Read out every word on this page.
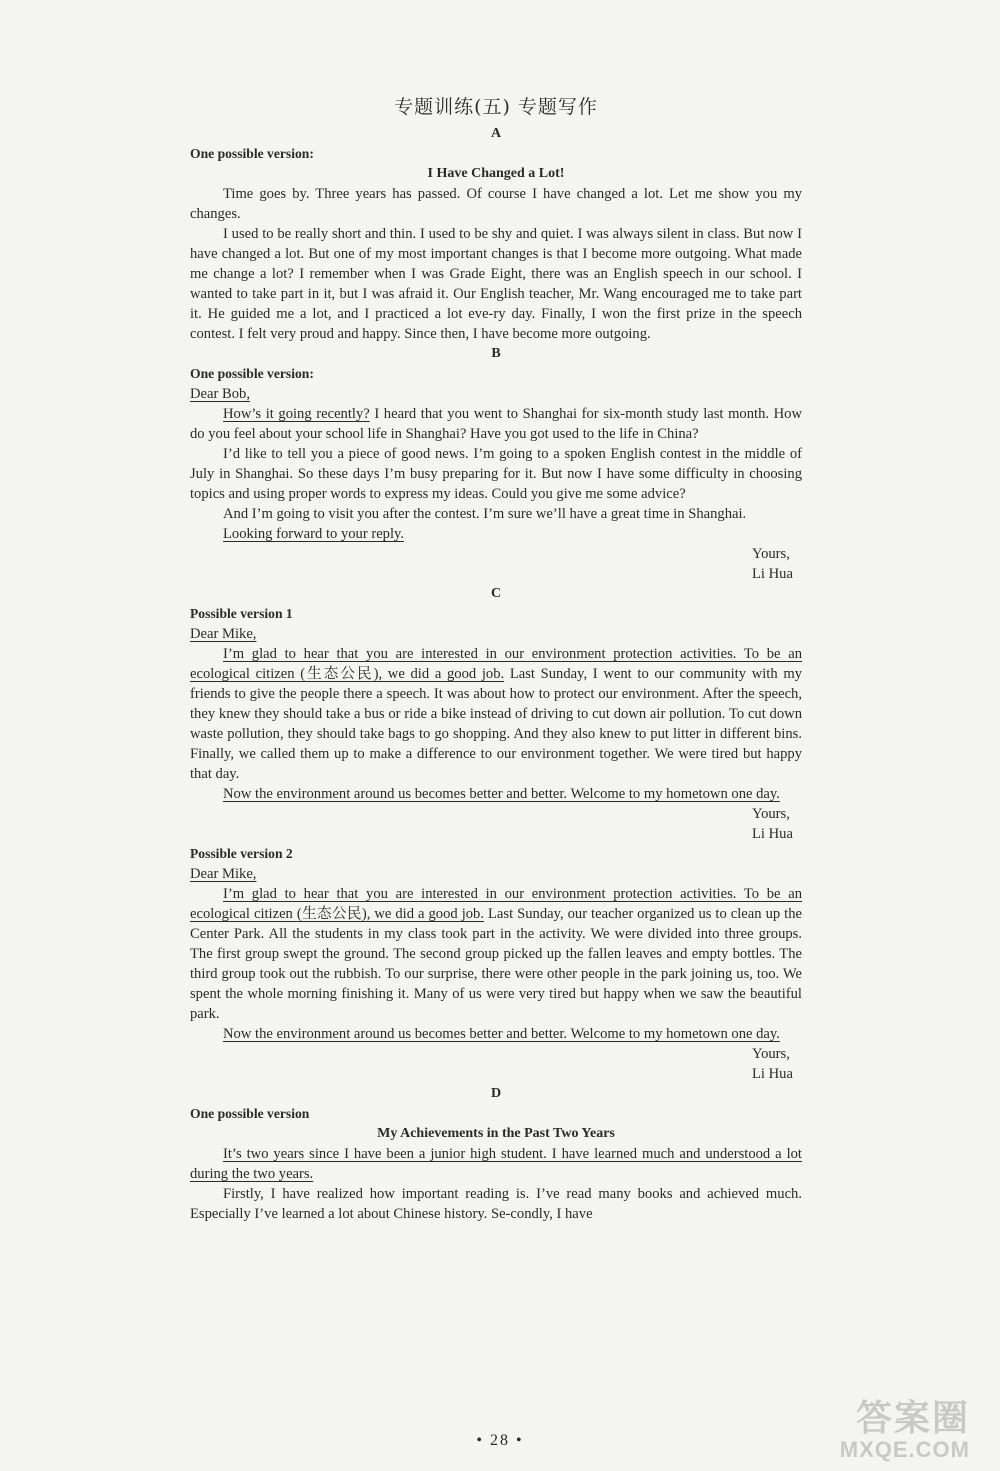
专题训练(五) 专题写作
A
One possible version:
I Have Changed a Lot!

Time goes by. Three years has passed. Of course I have changed a lot. Let me show you my changes.

I used to be really short and thin. I used to be shy and quiet. I was always silent in class. But now I have changed a lot. But one of my most important changes is that I become more outgoing. What made me change a lot? I remember when I was Grade Eight, there was an English speech in our school. I wanted to take part in it, but I was afraid it. Our English teacher, Mr. Wang encouraged me to take part it. He guided me a lot, and I practiced a lot eve-ry day. Finally, I won the first prize in the speech contest. I felt very proud and happy. Since then, I have become more outgoing.

B
One possible version:
Dear Bob,

How’s it going recently? I heard that you went to Shanghai for six-month study last month. How do you feel about your school life in Shanghai? Have you got used to the life in China?

I’d like to tell you a piece of good news. I’m going to a spoken English contest in the middle of July in Shanghai. So these days I’m busy preparing for it. But now I have some difficulty in choosing topics and using proper words to express my ideas. Could you give me some advice?

And I’m going to visit you after the contest. I’m sure we’ll have a great time in Shanghai.

Looking forward to your reply.

Yours,
Li Hua
C
Possible version 1
Dear Mike,

I’m glad to hear that you are interested in our environment protection activities. To be an ecological citizen (生态公民), we did a good job. Last Sunday, I went to our community with my friends to give the people there a speech. It was about how to protect our environment. After the speech, they knew they should take a bus or ride a bike instead of driving to cut down air pollution. To cut down waste pollution, they should take bags to go shopping. And they also knew to put litter in different bins. Finally, we called them up to make a difference to our environment together. We were tired but happy that day.

Now the environment around us becomes better and better. Welcome to my hometown one day.

Yours,
Li Hua
Possible version 2
Dear Mike,

I’m glad to hear that you are interested in our environment protection activities. To be an ecological citizen (生态公民), we did a good job. Last Sunday, our teacher organized us to clean up the Center Park. All the students in my class took part in the activity. We were divided into three groups. The first group swept the ground. The second group picked up the fallen leaves and empty bottles. The third group took out the rubbish. To our surprise, there were other people in the park joining us, too. We spent the whole morning finishing it. Many of us were very tired but happy when we saw the beautiful park.

Now the environment around us becomes better and better. Welcome to my hometown one day.

Yours,
Li Hua
D
One possible version
My Achievements in the Past Two Years

It’s two years since I have been a junior high student. I have learned much and understood a lot during the two years.

Firstly, I have realized how important reading is. I’ve read many books and achieved much. Especially I’ve learned a lot about Chinese history. Se-condly, I have

• 28 •
答案圈
MXQE.COM
